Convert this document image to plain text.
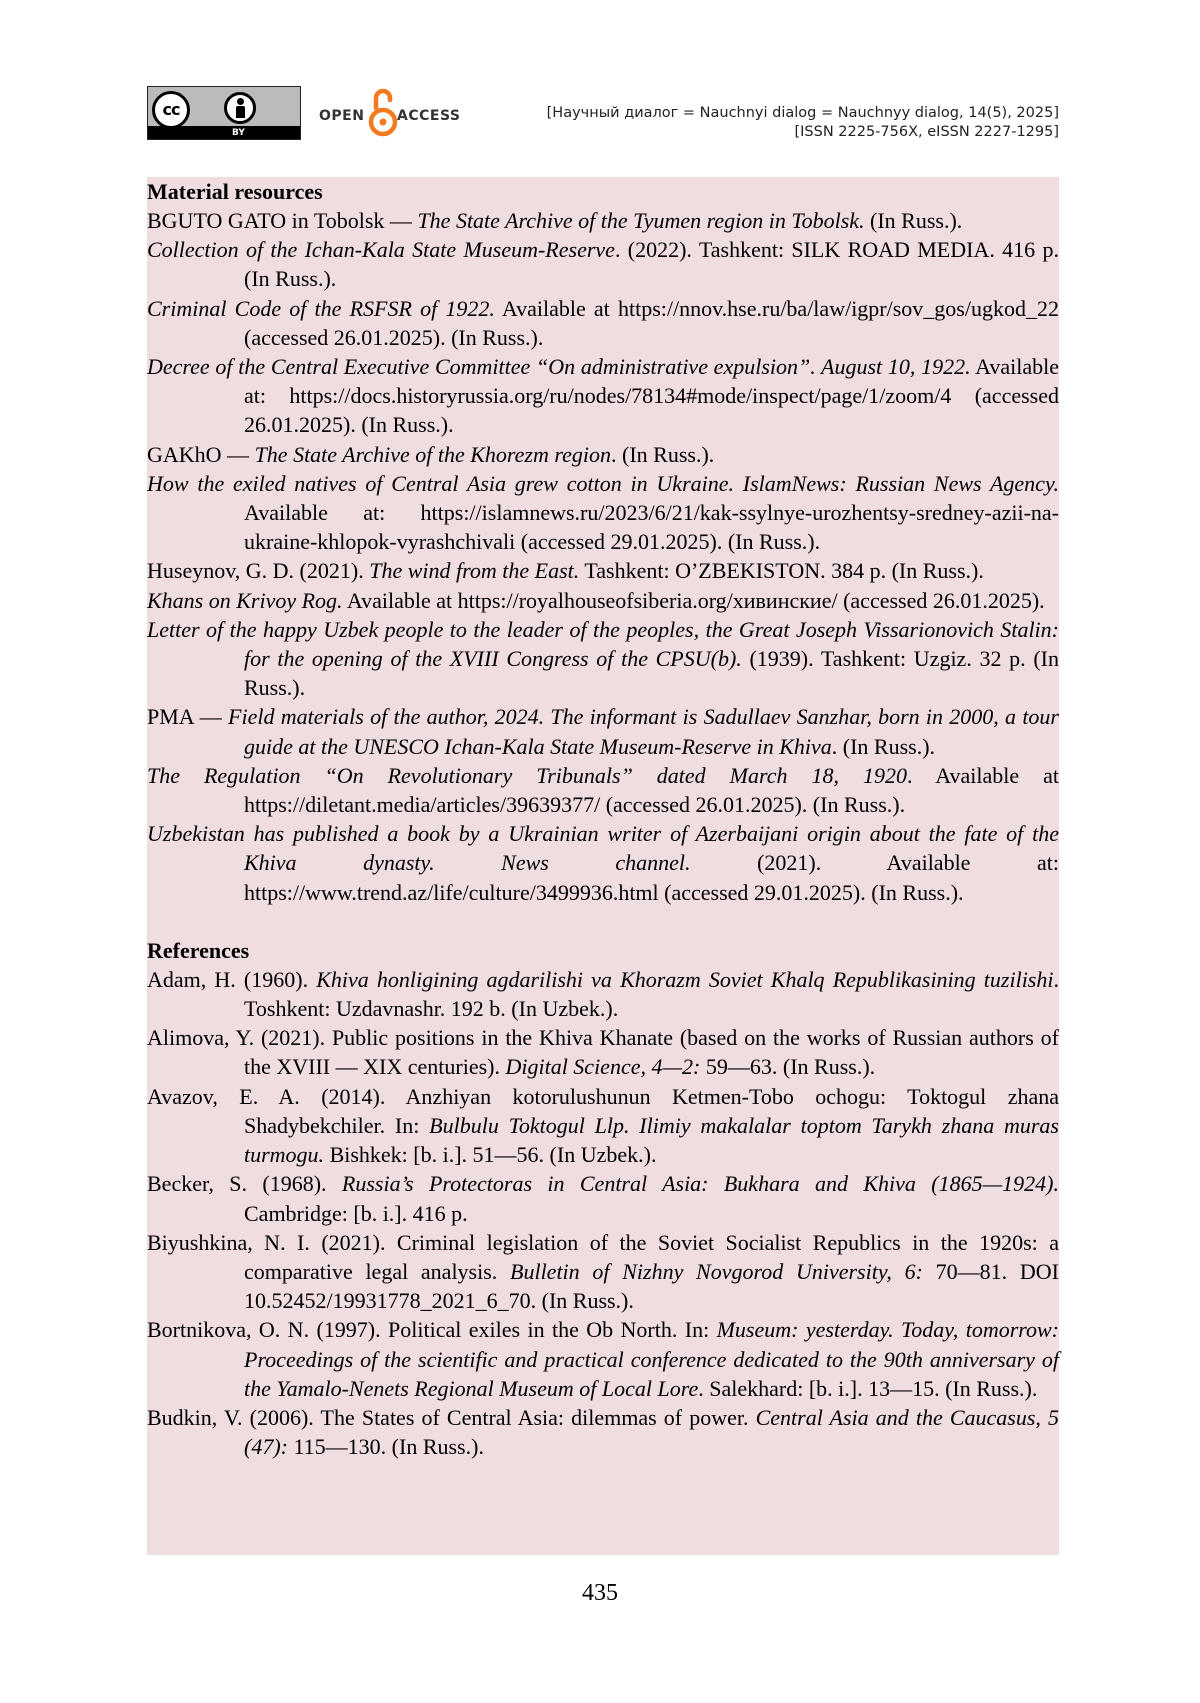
cc
BY
OPEN ACCESS	[Научный диалог = Nauchnyi dialog = Nauchnyy dialog, 14(5), 2025]
[ISSN 2225-756X, eISSN 2227-1295]
Material resources

BGUTO GATO in Tobolsk — The State Archive of the Tyumen region in Tobolsk. (In Russ.).

Collection of the Ichan-Kala State Museum-Reserve. (2022). Tashkent: SILK ROAD MEDIA. 416 p. (In Russ.).

Criminal Code of the RSFSR of 1922. Available at https://nnov.hse.ru/ba/law/igpr/sov_gos/ugkod_22 (accessed 26.01.2025). (In Russ.).

Decree of the Central Executive Committee “On administrative expulsion”. August 10, 1922. Available at: https://docs.historyrussia.org/ru/nodes/78134#mode/inspect/page/1/zoom/4 (accessed 26.01.2025). (In Russ.).

GAKhO — The State Archive of the Khorezm region. (In Russ.).

How the exiled natives of Central Asia grew cotton in Ukraine. IslamNews: Russian News Agency. Available at: https://islamnews.ru/2023/6/21/kak-ssylnye-urozhentsy-sredney-azii-na-ukraine-khlopok-vyrashchivali (accessed 29.01.2025). (In Russ.).

Huseynov, G. D. (2021). The wind from the East. Tashkent: O’ZBEKISTON. 384 p. (In Russ.).

Khans on Krivoy Rog. Available at https://royalhouseofsiberia.org/хивинские/ (accessed 26.01.2025).

Letter of the happy Uzbek people to the leader of the peoples, the Great Joseph Vissarionovich Stalin: for the opening of the XVIII Congress of the CPSU(b). (1939). Tashkent: Uzgiz. 32 p. (In Russ.).

PMA — Field materials of the author, 2024. The informant is Sadullaev Sanzhar, born in 2000, a tour guide at the UNESCO Ichan-Kala State Museum-Reserve in Khiva. (In Russ.).

The Regulation “On Revolutionary Tribunals” dated March 18, 1920. Available at https://diletant.media/articles/39639377/ (accessed 26.01.2025). (In Russ.).

Uzbekistan has published a book by a Ukrainian writer of Azerbaijani origin about the fate of the Khiva dynasty. News channel. (2021). Available at: https://www.trend.az/life/culture/3499936.html (accessed 29.01.2025). (In Russ.).

References

Adam, H. (1960). Khiva honligining agdarilishi va Khorazm Soviet Khalq Republikasining tuzilishi. Toshkent: Uzdavnashr. 192 b. (In Uzbek.).

Alimova, Y. (2021). Public positions in the Khiva Khanate (based on the works of Russian authors of the XVIII — XIX centuries). Digital Science, 4—2: 59—63. (In Russ.).

Avazov, E. A. (2014). Anzhiyan kotorulushunun Ketmen-Tobo ochogu: Toktogul zhana Shadybekchiler. In: Bulbulu Toktogul Llp. Ilimiy makalalar toptom Tarykh zhana muras turmogu. Bishkek: [b. i.]. 51—56. (In Uzbek.).

Becker, S. (1968). Russia’s Protectoras in Central Asia: Bukhara and Khiva (1865—1924). Cambridge: [b. i.]. 416 p.

Biyushkina, N. I. (2021). Criminal legislation of the Soviet Socialist Republics in the 1920s: a comparative legal analysis. Bulletin of Nizhny Novgorod University, 6: 70—81. DOI 10.52452/19931778_2021_6_70. (In Russ.).

Bortnikova, O. N. (1997). Political exiles in the Ob North. In: Museum: yesterday. Today, tomorrow: Proceedings of the scientific and practical conference dedicated to the 90th anniversary of the Yamalo-Nenets Regional Museum of Local Lore. Salekhard: [b. i.]. 13—15. (In Russ.).

Budkin, V. (2006). The States of Central Asia: dilemmas of power. Central Asia and the Caucasus, 5 (47): 115—130. (In Russ.).

435
